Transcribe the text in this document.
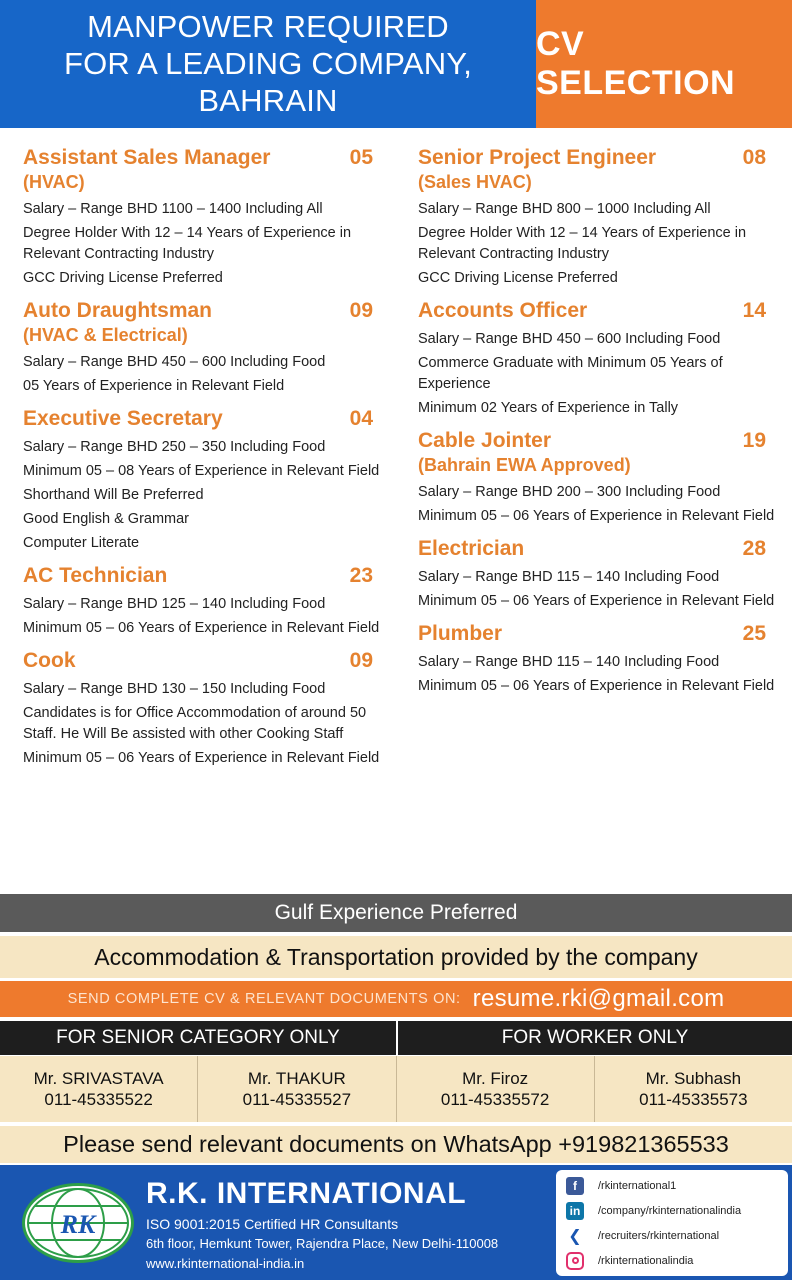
MANPOWER REQUIRED
FOR A LEADING COMPANY,
BAHRAIN
CV SELECTION
Assistant Sales Manager	05
(HVAC)
Salary – Range BHD 1100 – 1400 Including All
Degree Holder With 12 – 14 Years of Experience in Relevant Contracting Industry
GCC Driving License Preferred
Auto Draughtsman	09
(HVAC & Electrical)
Salary – Range BHD 450 – 600 Including Food
05 Years of Experience in Relevant Field
Executive Secretary	04
Salary – Range BHD 250 – 350 Including Food
Minimum 05 – 08 Years of Experience in Relevant Field
Shorthand Will Be Preferred
Good English & Grammar
Computer Literate
AC Technician	23
Salary – Range BHD 125 – 140 Including Food
Minimum 05 – 06 Years of Experience in Relevant Field
Cook	09
Salary – Range BHD 130 – 150 Including Food
Candidates is for Office Accommodation of around 50 Staff. He Will Be assisted with other Cooking Staff
Minimum 05 – 06 Years of Experience in Relevant Field
Senior Project Engineer	08
(Sales HVAC)
Salary – Range BHD 800 – 1000 Including All
Degree Holder With 12 – 14 Years of Experience in Relevant Contracting Industry
GCC Driving License Preferred
Accounts Officer	14
Salary – Range BHD 450 – 600 Including Food
Commerce Graduate with Minimum 05 Years of Experience
Minimum 02 Years of Experience in Tally
Cable Jointer	19
(Bahrain EWA Approved)
Salary – Range BHD 200 – 300 Including Food
Minimum 05 – 06 Years of Experience in Relevant Field
Electrician	28
Salary – Range BHD 115 – 140 Including Food
Minimum 05 – 06 Years of Experience in Relevant Field
Plumber	25
Salary – Range BHD 115 – 140 Including Food
Minimum 05 – 06 Years of Experience in Relevant Field
Gulf Experience Preferred
Accommodation & Transportation provided by the company
SEND COMPLETE CV & RELEVANT DOCUMENTS ON: resume.rki@gmail.com
FOR SENIOR CATEGORY ONLY	FOR WORKER ONLY
Mr. SRIVASTAVA
011-45335522
Mr. THAKUR
011-45335527
Mr. Firoz
011-45335572
Mr. Subhash
011-45335573
Please send relevant documents on WhatsApp +919821365533
RK
R.K. INTERNATIONAL
ISO 9001:2015 Certified HR Consultants
6th floor, Hemkunt Tower, Rajendra Place, New Delhi-110008
www.rkinternational-india.in
f	/rkinternational1
in	/company/rkinternationalindia
❮ /recruiters/rkinternational
/rkinternationalindia
